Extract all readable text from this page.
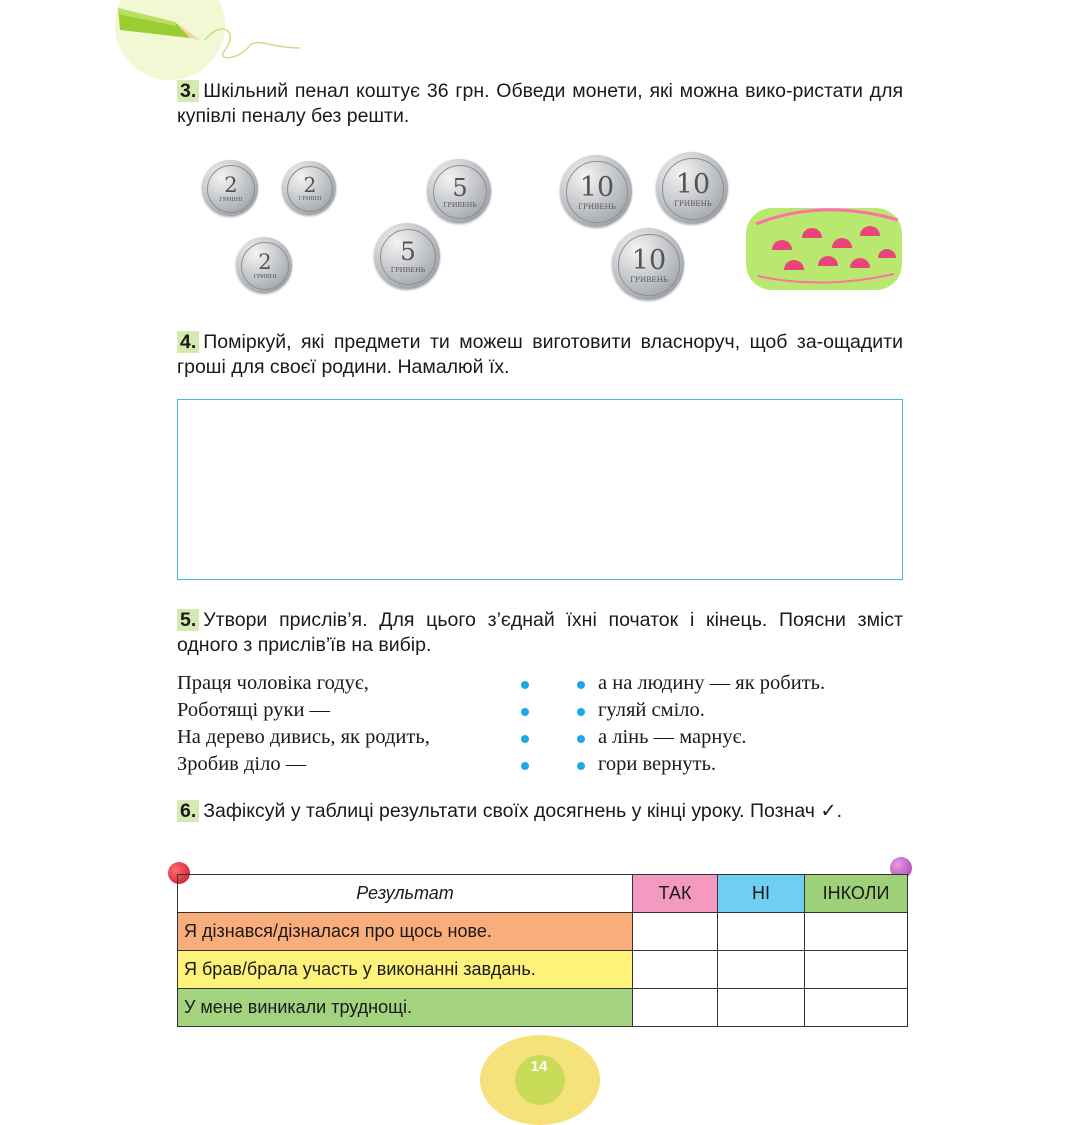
3. Шкільний пенал коштує 36 грн. Обведи монети, які можна вико-ристати для купівлі пеналу без решти.
2
ГРИВНІ
2
ГРИВНІ
2
ГРИВНІ
5
ГРИВЕНЬ
5
ГРИВЕНЬ
10
ГРИВЕНЬ
10
ГРИВЕНЬ
10
ГРИВЕНЬ
4. Поміркуй, які предмети ти можеш виготовити власноруч, щоб за-ощадити гроші для своєї родини. Намалюй їх.
5. Утвори прислів’я. Для цього з’єднай їхні початок і кінець. Поясни зміст одного з прислів’їв на вибір.
Праця чоловіка годує,
Роботящі руки —
На дерево дивись, як родить,
Зробив діло —
а на людину — як робить.
гуляй сміло.
а лінь — марнує.
гори вернуть.
6. Зафіксуй у таблиці результати своїх досягнень у кінці уроку. Познач ✓.
Результат	ТАК	НІ	ІНКОЛИ
Я дізнався/дізналася про щось нове.			
Я брав/брала участь у виконанні завдань.			
У мене виникали труднощі.			
14
